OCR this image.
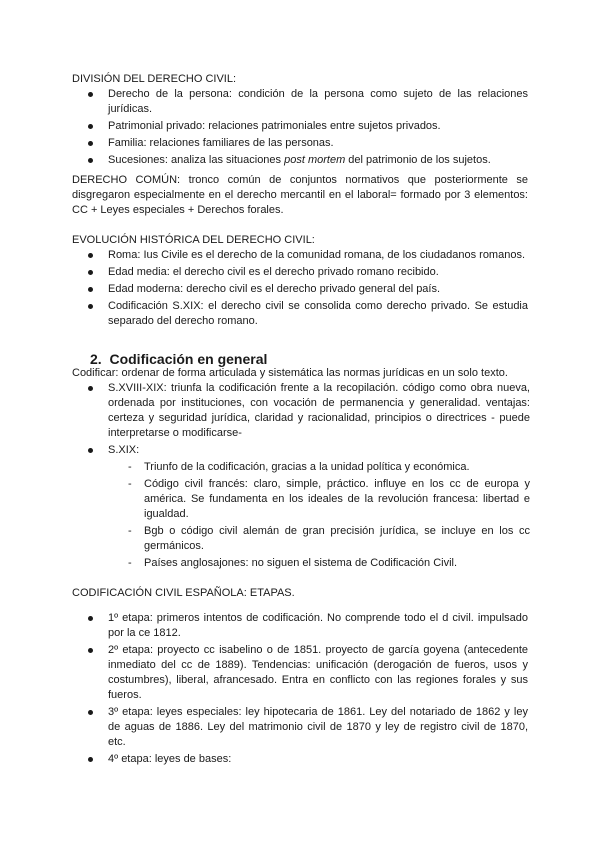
DIVISIÓN DEL DERECHO CIVIL:
Derecho de la persona: condición de la persona como sujeto de las relaciones jurídicas.
Patrimonial privado: relaciones patrimoniales entre sujetos privados.
Familia: relaciones familiares de las personas.
Sucesiones: analiza las situaciones post mortem del patrimonio de los sujetos.
DERECHO COMÚN: tronco común de conjuntos normativos que posteriormente se disgregaron especialmente en el derecho mercantil en el laboral= formado por 3 elementos: CC + Leyes especiales + Derechos forales.
EVOLUCIÓN HISTÓRICA DEL DERECHO CIVIL:
Roma: Ius Civile es el derecho de la comunidad romana, de los ciudadanos romanos.
Edad media: el derecho civil es el derecho privado romano recibido.
Edad moderna: derecho civil es el derecho privado general del país.
Codificación S.XIX: el derecho civil se consolida como derecho privado. Se estudia separado del derecho romano.
2. Codificación en general
Codificar: ordenar de forma articulada y sistemática las normas jurídicas en un solo texto.
S.XVIII-XIX: triunfa la codificación frente a la recopilación. código como obra nueva, ordenada por instituciones, con vocación de permanencia y generalidad. ventajas: certeza y seguridad jurídica, claridad y racionalidad, principios o directrices - puede interpretarse o modificarse-
S.XIX:
- Triunfo de la codificación, gracias a la unidad política y económica.
- Código civil francés: claro, simple, práctico. influye en los cc de europa y américa. Se fundamenta en los ideales de la revolución francesa: libertad e igualdad.
- Bgb o código civil alemán de gran precisión jurídica, se incluye en los cc germánicos.
- Países anglosajones: no siguen el sistema de Codificación Civil.
CODIFICACIÓN CIVIL ESPAÑOLA: ETAPAS.
1º etapa: primeros intentos de codificación. No comprende todo el d civil. impulsado por la ce 1812.
2º etapa: proyecto cc isabelino o de 1851. proyecto de garcía goyena (antecedente inmediato del cc de 1889). Tendencias: unificación (derogación de fueros, usos y costumbres), liberal, afrancesado. Entra en conflicto con las regiones forales y sus fueros.
3º etapa: leyes especiales: ley hipotecaria de 1861. Ley del notariado de 1862 y ley de aguas de 1886. Ley del matrimonio civil de 1870 y ley de registro civil de 1870, etc.
4º etapa: leyes de bases:
